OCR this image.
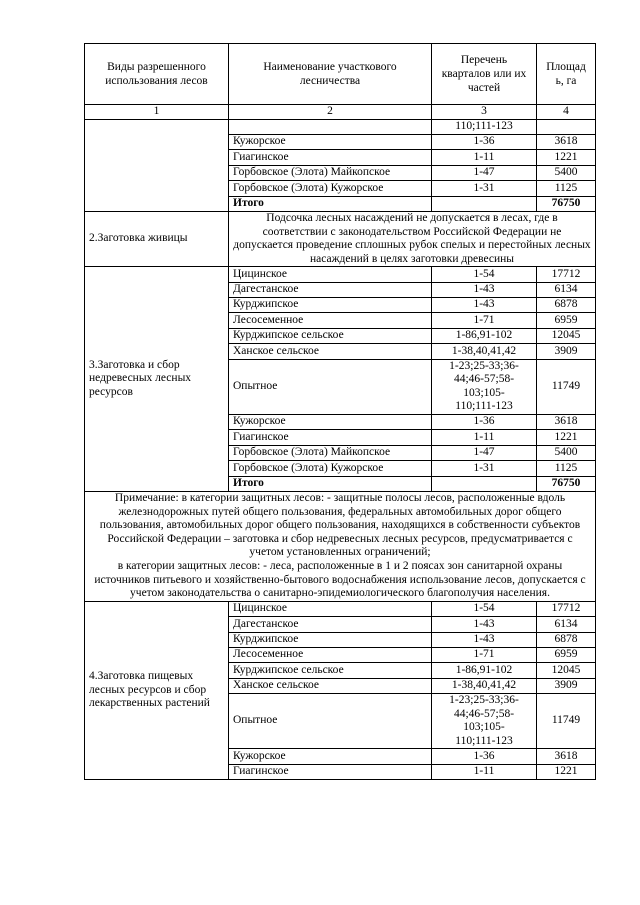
Виды разрешенного использования лесов	Наименование участкового лесничества	Перечень кварталов или их частей	Площад
ь, га

1	2	3	4
		110;111-123	
	Кужорское	1-36	3618
	Гиагинское	1-11	1221
	Горбовское (Элота) Майкопское	1-47	5400
	Горбовское (Элота) Кужорское	1-31	1125
	Итого		76750
2.Заготовка живицы	Подсочка лесных насаждений не допускается в лесах, где в соответствии с законодательством Российской Федерации не допускается проведение сплошных рубок спелых и перестойных лесных насаждений в целях заготовки древесины		
3.Заготовка и сбор недревесных лесных ресурсов	Цицинское	1-54	17712
	Дагестанское	1-43	6134
	Курджипское	1-43	6878
	Лесосеменное	1-71	6959
	Курджипское сельское	1-86,91-102	12045
	Ханское сельское	1-38,40,41,42	3909
	Опытное	1-23;25-33;36-
44;46-57;58-
103;105-
110;111-123	11749
	Кужорское	1-36	3618
	Гиагинское	1-11	1221
	Горбовское (Элота) Майкопское	1-47	5400
	Горбовское (Элота) Кужорское	1-31	1125
	Итого		76750

Примечание: в категории защитных лесов: - защитные полосы лесов, расположенные вдоль железнодорожных путей общего пользования, федеральных автомобильных дорог общего пользования, автомобильных дорог общего пользования, находящихся в собственности субъектов Российской Федерации – заготовка и сбор недревесных лесных ресурсов, предусматривается с учетом установленных ограничений;
в категории защитных лесов: - леса, расположенные в 1 и 2 поясах зон санитарной охраны источников питьевого и хозяйственно-бытового водоснабжения использование лесов, допускается с учетом законодательства о санитарно-эпидемиологического благополучия населения.			

4.Заготовка пищевых лесных ресурсов и сбор лекарственных растений	Цицинское	1-54	17712
	Дагестанское	1-43	6134
	Курджипское	1-43	6878
	Лесосеменное	1-71	6959
	Курджипское сельское	1-86,91-102	12045
	Ханское сельское	1-38,40,41,42	3909
	Опытное	1-23;25-33;36-
44;46-57;58-
103;105-
110;111-123	11749
	Кужорское	1-36	3618
	Гиагинское	1-11	1221
